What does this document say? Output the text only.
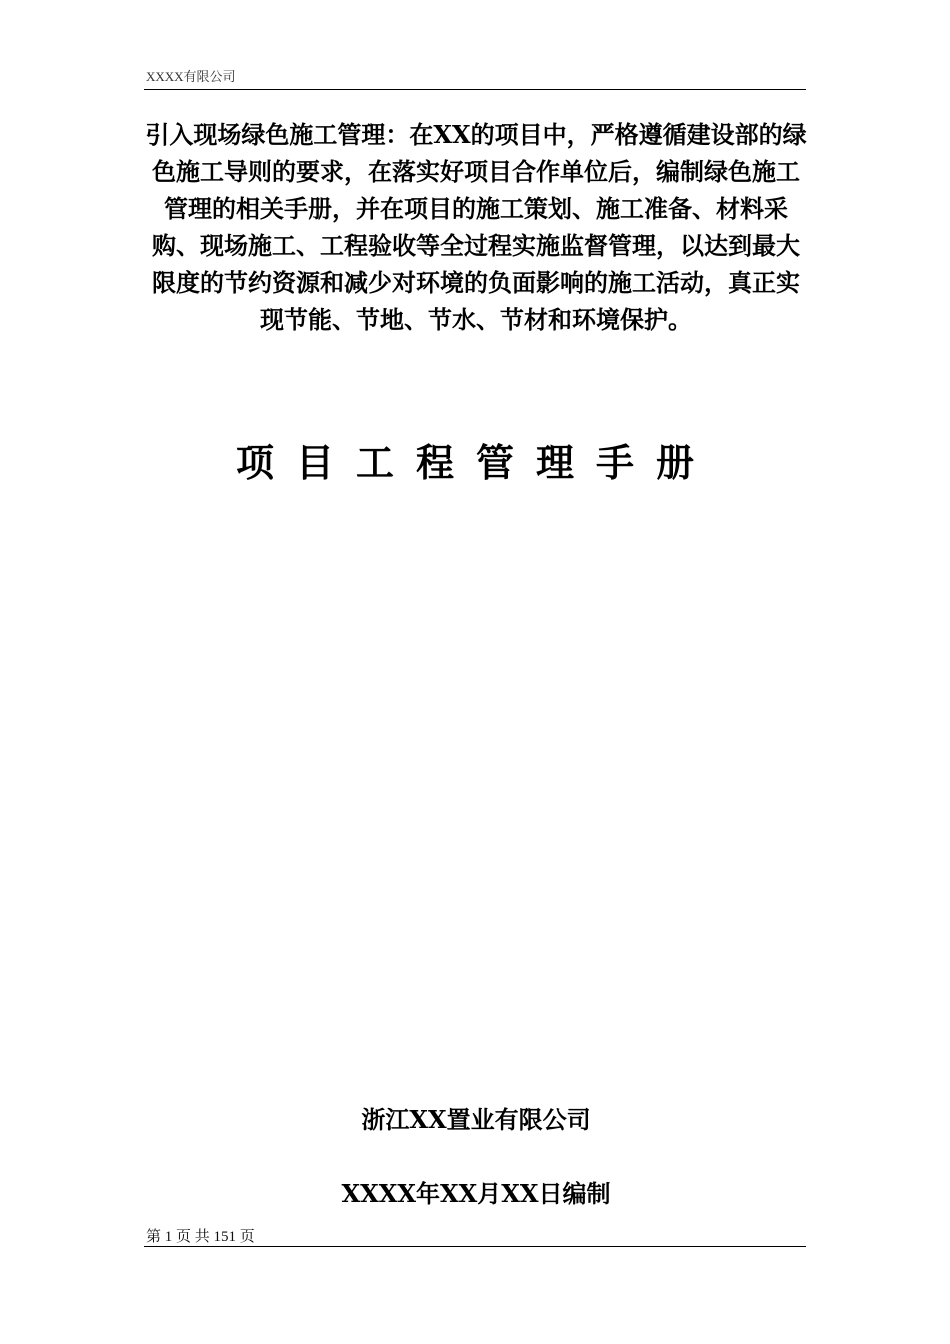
XXXX有限公司
引入现场绿色施工管理：在XX的项目中，严格遵循建设部的绿色施工导则的要求，在落实好项目合作单位后，编制绿色施工管理的相关手册，并在项目的施工策划、施工准备、材料采购、现场施工、工程验收等全过程实施监督管理，以达到最大限度的节约资源和减少对环境的负面影响的施工活动，真正实现节能、节地、节水、节材和环境保护。
项目工程管理手册
浙江XX置业有限公司
XXXX年XX月XX日编制
第 1 页 共 151 页
